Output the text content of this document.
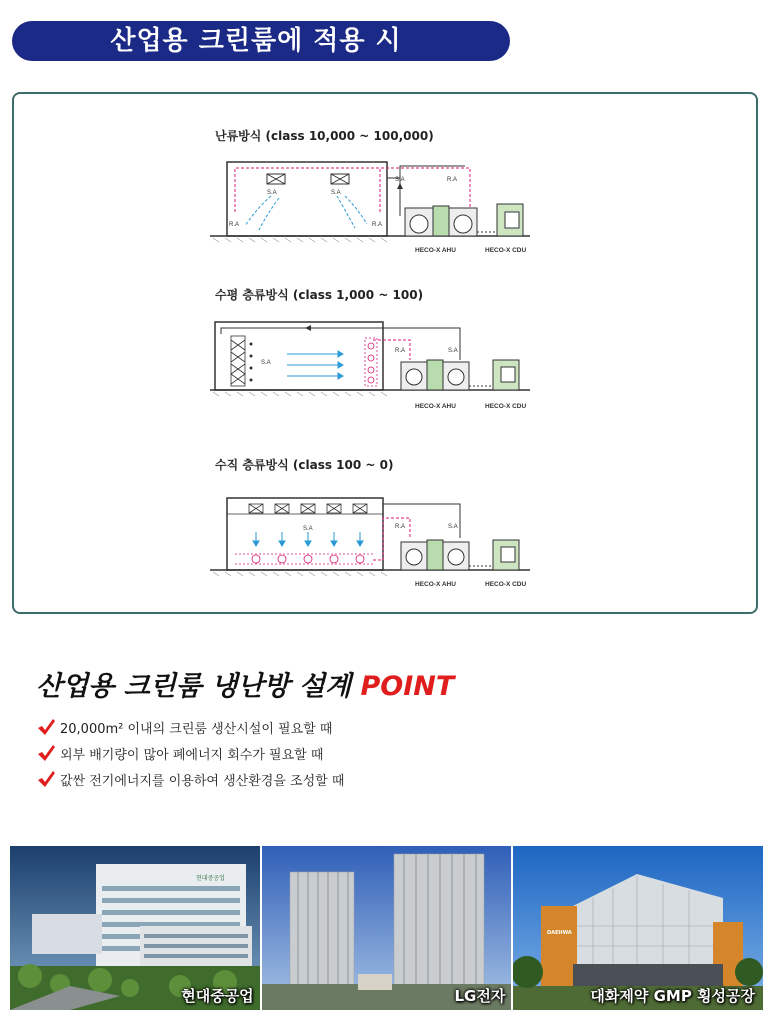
산업용 크린룸에 적용 시
난류방식 (class 10,000 ~ 100,000)
S.A	S.A
R.A	R.A
S.A	R.A
HECO-X AHU	HECO-X CDU
수평 층류방식 (class 1,000 ~ 100)
S.A
R.A	S.A
HECO-X AHU	HECO-X CDU
수직 층류방식 (class 100 ~ 0)
S.A	R.A	S.A
HECO-X AHU	HECO-X CDU
산업용 크린룸 냉난방 설계 POINT
20,000m² 이내의 크린룸 생산시설이 필요할 때
외부 배기량이 많아 폐에너지 회수가 필요할 때
값싼 전기에너지를 이용하여 생산환경을 조성할 때
현대중공업
현대중공업	LG전자
DAEHWA
대화제약 GMP 횡성공장
